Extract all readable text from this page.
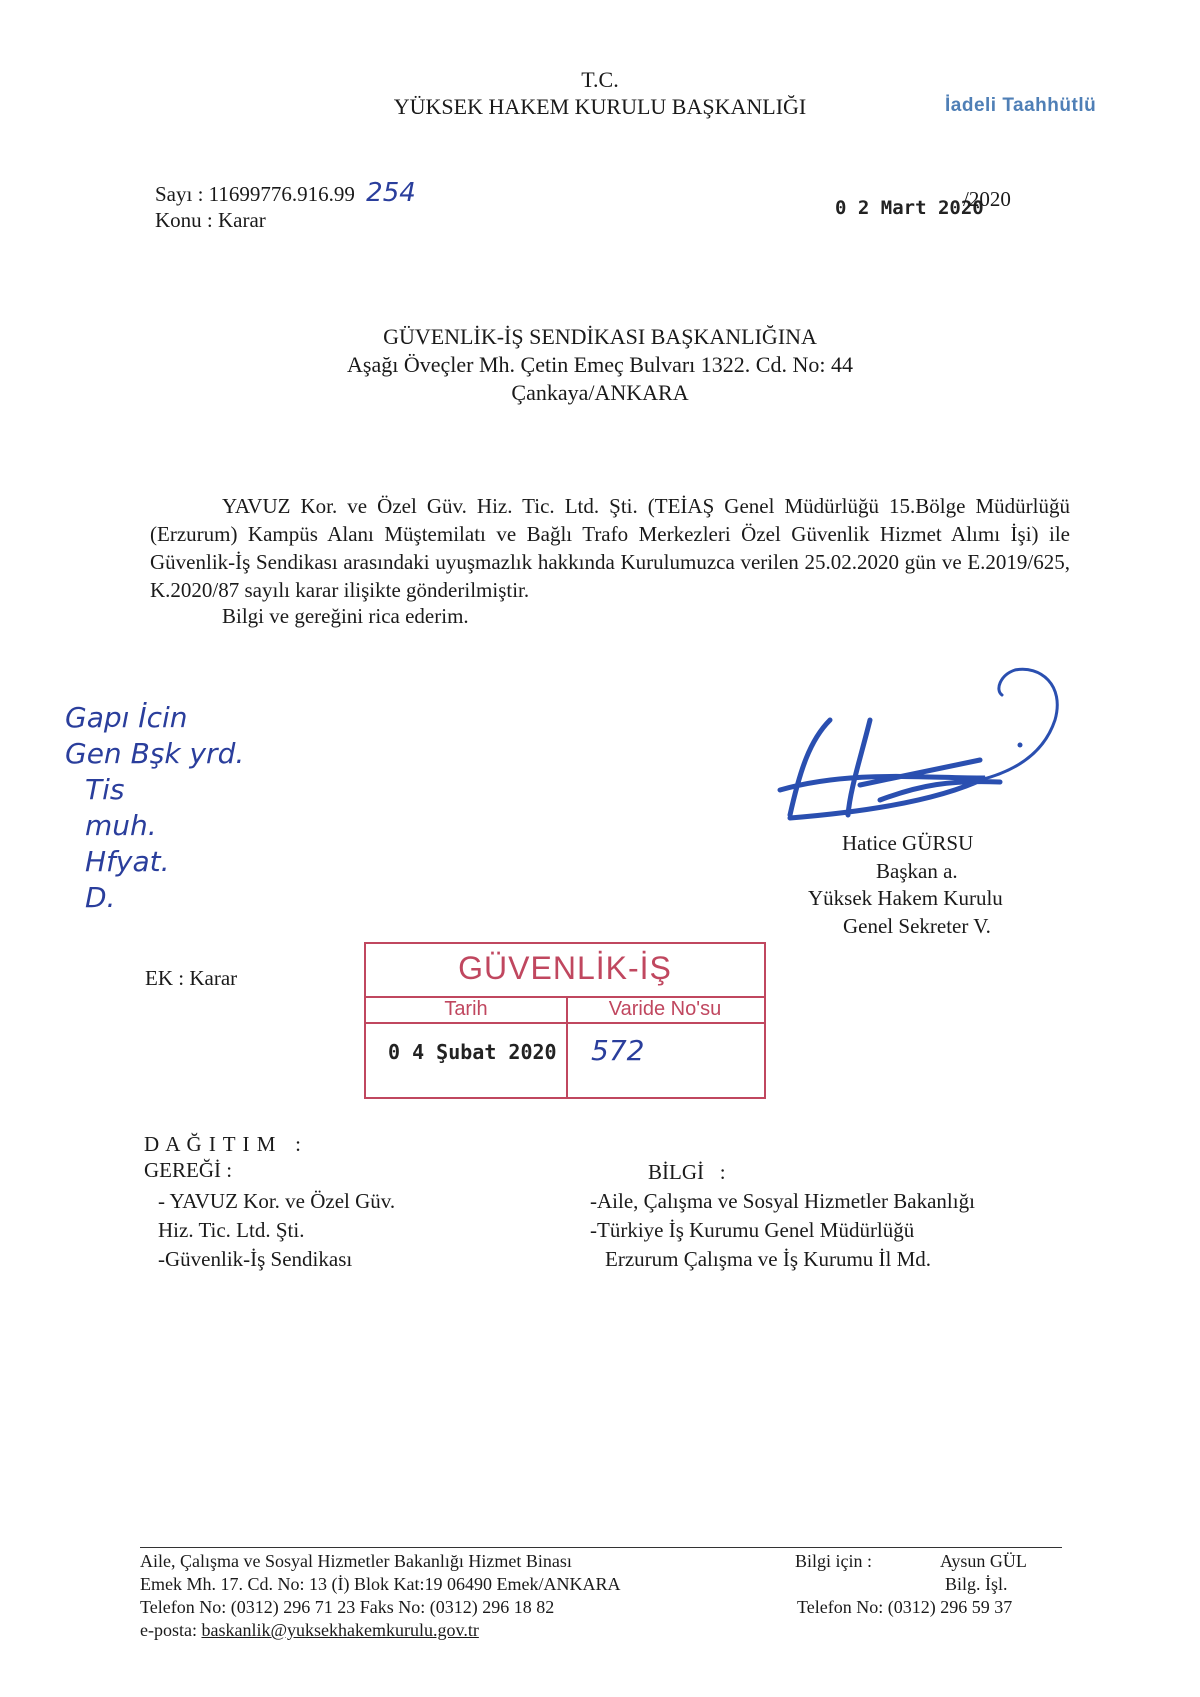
T.C.
YÜKSEK HAKEM KURULU BAŞKANLIĞI	İadeli Taahhütlü
Sayı : 11699776.916.99 254
Konu : Karar	0 2 Mart 2020
/2020
GÜVENLİK-İŞ SENDİKASI BAŞKANLIĞINA
Aşağı Öveçler Mh. Çetin Emeç Bulvarı 1322. Cd. No: 44
Çankaya/ANKARA
YAVUZ Kor. ve Özel Güv. Hiz. Tic. Ltd. Şti. (TEİAŞ Genel Müdürlüğü 15.Bölge Müdürlüğü (Erzurum) Kampüs Alanı Müştemilatı ve Bağlı Trafo Merkezleri Özel Güvenlik Hizmet Alımı İşi) ile Güvenlik-İş Sendikası arasındaki uyuşmazlık hakkında Kurulumuzca verilen 25.02.2020 gün ve E.2019/625, K.2020/87 sayılı karar ilişikte gönderilmiştir.
Bilgi ve gereğini rica ederim.
Gapı İcin
Gen Bşk yrd.
Tis
muh.
Hfyat.
D.
Hatice GÜRSU
Başkan a.
Yüksek Hakem Kurulu
Genel Sekreter V.
EK : Karar	GÜVENLİK-İŞ
Tarih	Varide No'su
0 4 Şubat 2020 572
D A Ğ I T I M   :
GEREĞİ :
- YAVUZ Kor. ve Özel Güv.
Hiz. Tic. Ltd. Şti.
-Güvenlik-İş Sendikası
BİLGİ   :
-Aile, Çalışma ve Sosyal Hizmetler Bakanlığı
-Türkiye İş Kurumu Genel Müdürlüğü
Erzurum Çalışma ve İş Kurumu İl Md.
Aile, Çalışma ve Sosyal Hizmetler Bakanlığı Hizmet Binası
Emek Mh. 17. Cd. No: 13 (İ) Blok Kat:19 06490 Emek/ANKARA
Telefon No: (0312) 296 71 23 Faks No: (0312) 296 18 82
e-posta: baskanlik@yuksekhakemkurulu.gov.tr
Bilgi için :	Aysun GÜL
Bilg. İşl.
Telefon No: (0312) 296 59 37
